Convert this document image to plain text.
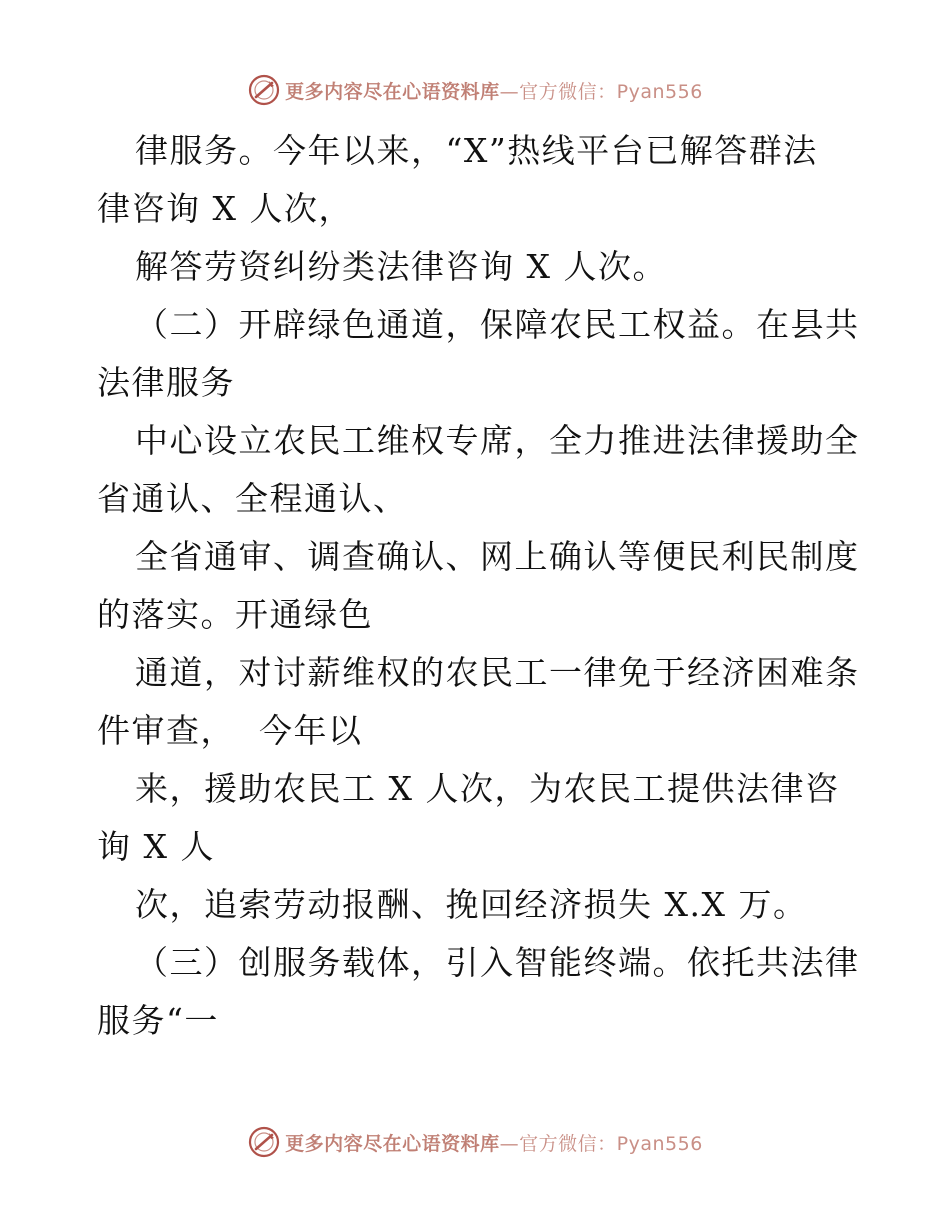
更多内容尽在心语资料库—官方微信：Pyan556
律服务。今年以来，“X”热线平台已解答群法
律咨询 X 人次，
解答劳资纠纷类法律咨询 X 人次。
（二）开辟绿色通道，保障农民工权益。在县共
法律服务
中心设立农民工维权专席，全力推进法律援助全
省通认、全程通认、
全省通审、调查确认、网上确认等便民利民制度
的落实。开通绿色
通道，对讨薪维权的农民工一律免于经济困难条
件审查，  今年以
来，援助农民工 X 人次，为农民工提供法律咨
询 X 人
次，追索劳动报酬、挽回经济损失 X.X 万。
（三）创服务载体，引入智能终端。依托共法律
服务“一
更多内容尽在心语资料库—官方微信：Pyan556
